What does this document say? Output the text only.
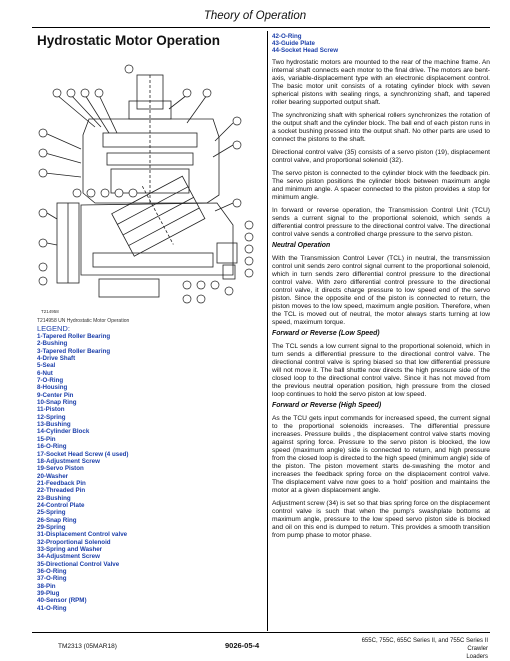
Theory of Operation
Hydrostatic Motor Operation
T214958
T214958 UN Hydrostatic Motor Operation
LEGEND:
1-Tapered Roller Bearing
2-Bushing
3-Tapered Roller Bearing
4-Drive Shaft
5-Seal
6-Nut
7-O-Ring
8-Housing
9-Center Pin
10-Snap Ring
11-Piston
12-Spring
13-Bushing
14-Cylinder Block
15-Pin
16-O-Ring
17-Socket Head Screw (4 used)
18-Adjustment Screw
19-Servo Piston
20-Washer
21-Feedback Pin
22-Threaded Pin
23-Bushing
24-Control Plate
25-Spring
26-Snap Ring
29-Spring
31-Displacement Control valve
32-Proportional Solenoid
33-Spring and Washer
34-Adjustment Screw
35-Directional Control Valve
36-O-Ring
37-O-Ring
38-Pin
39-Plug
40-Sensor (RPM)
41-O-Ring
42-O-Ring
43-Guide Plate
44-Socket Head Screw

Two hydrostatic motors are mounted to the rear of the machine frame. An internal shaft connects each motor to the final drive. The motors are bent-axis, variable-displacement type with an electronic displacement control. The basic motor unit consists of a rotating cylinder block with seven spherical pistons with sealing rings, a synchronizing shaft, and tapered roller bearing supported output shaft.

The synchronizing shaft with spherical rollers synchronizes the rotation of the output shaft and the cylinder block. The ball end of each piston runs in a socket bushing pressed into the output shaft. No other parts are used to connect the pistons to the shaft.

Directional control valve (35) consists of a servo piston (19), displacement control valve, and proportional solenoid (32).

The servo piston is connected to the cylinder block with the feedback pin. The servo piston positions the cylinder block between maximum angle and minimum angle. A spacer connected to the piston provides a stop for minimum angle.

In forward or reverse operation, the Transmission Control Unit (TCU) sends a current signal to the proportional solenoid, which sends a differential control pressure to the directional control valve. The directional control valve sends a controlled charge pressure to the servo piston.

Neutral Operation

With the Transmission Control Lever (TCL) in neutral, the transmission control unit sends zero control signal current to the proportional solenoid, which in turn sends zero differential control pressure to the directional control valve. With zero differential control pressure to the directional control valve, it directs charge pressure to low speed end of the servo piston. Since the opposite end of the piston is connected to return, the piston moves to the low speed, maximum angle position. Therefore, when the TCL is moved out of neutral, the motor always starts turning at low speed, maximum torque.

Forward or Reverse (Low Speed)

The TCL sends a low current signal to the proportional solenoid, which in turn sends a differential pressure to the directional control valve. The directional control valve is spring biased so that low differential pressure will not move it. The ball shuttle now directs the high pressure side of the closed loop to the directional control valve. Since it has not moved from the previous neutral operation position, high pressure from the closed loop continues to hold the servo piston at low speed.

Forward or Reverse (High Speed)

As the TCU gets input commands for increased speed, the current signal to the proportional solenoids increases. The differential pressure increases. Pressure builds , the displacement control valve starts moving against spring force. Pressure to the servo piston is blocked, the low speed (maximum angle) side is connected to return, and high pressure from the closed loop is directed to the high speed (minimum angle) side of the piston. The piston movement starts de-swashing the motor and increases the feedback spring force on the displacement control valve. The displacement valve now goes to a 'hold' position and maintains the motor at a given displacement angle.

Adjustment screw (34) is set so that bias spring force on the displacement control valve is such that when the pump's swashplate bottoms at maximum angle, pressure to the low speed servo piston side is blocked and oil on this end is dumped to return. This provides a smooth transition from pump phase to motor phase.

TM2313 (05MAR18)	9026-05-4	655C, 755C, 655C Series II, and 755C Series II Crawler
Loaders
